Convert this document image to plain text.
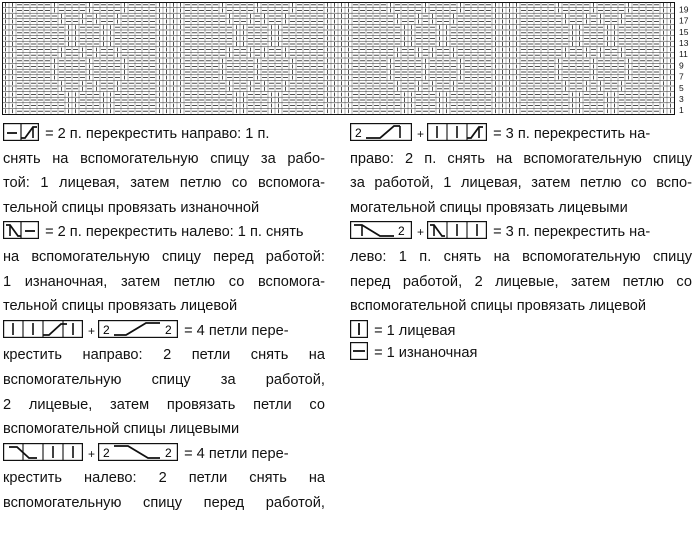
19
17
15
13
11
9
7
5
3
1

= 2 п. перекрестить направо: 1 п.

снять на вспомогательную спицу за рабо-

той: 1 лицевая, затем петлю со вспомога-

тельной спицы провязать изнаночной

= 2 п. перекрестить налево: 1 п. снять

на вспомогательную спицу перед работой:

1 изнаночная, затем петлю со вспомога-

тельной спицы провязать лицевой

+ 2	2 = 4 петли пере-

крестить направо: 2 петли снять на

вспомогательную спицу за работой,

2 лицевые, затем провязать петли со

вспомогательной спицы лицевыми

+ 2	2 = 4 петли пере-

крестить налево: 2 петли снять на

вспомогательную спицу перед работой,

2	+	= 3 п. перекрестить на-

право: 2 п. снять на вспомогательную спицу

за работой, 1 лицевая, затем петлю со вспо-

могательной спицы провязать лицевыми

2 +	= 3 п. перекрестить на-

лево: 1 п. снять на вспомогательную спицу

перед работой, 2 лицевые, затем петлю со

вспомогательной спицы провязать лицевой

= 1 лицевая

= 1 изнаночная
